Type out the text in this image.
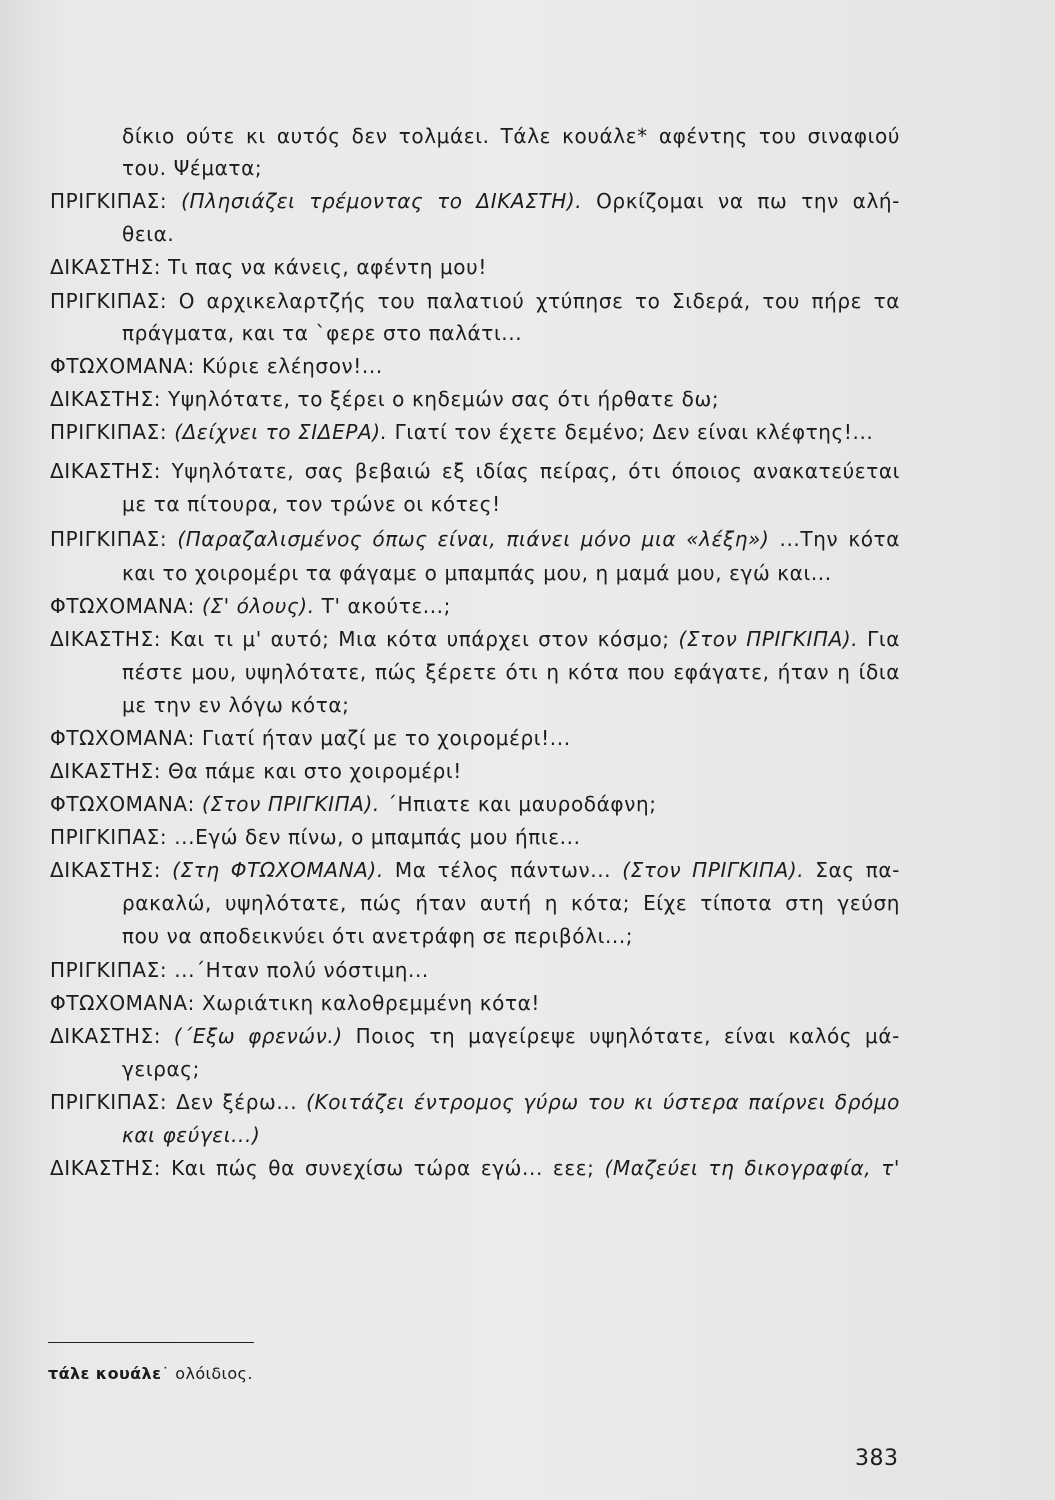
δίκιο ούτε κι αυτός δεν τολμάει. Τάλε κουάλε* αφέντης του σιναφιού
του. Ψέματα;
ΠΡΙΓΚΙΠΑΣ: (Πλησιάζει τρέμοντας το ΔΙΚΑΣΤΗ). Ορκίζομαι να πω την αλή-
θεια.
ΔΙΚΑΣΤΗΣ: Τι πας να κάνεις, αφέντη μου!
ΠΡΙΓΚΙΠΑΣ: Ο αρχικελαρτζής του παλατιού χτύπησε το Σιδερά, του πήρε τα
πράγματα, και τα `φερε στο παλάτι...
ΦΤΩΧΟΜΑΝΑ: Κύριε ελέησον!...
ΔΙΚΑΣΤΗΣ: Υψηλότατε, το ξέρει ο κηδεμών σας ότι ήρθατε δω;
ΠΡΙΓΚΙΠΑΣ: (Δείχνει το ΣΙΔΕΡΑ). Γιατί τον έχετε δεμένο; Δεν είναι κλέφτης!...
ΔΙΚΑΣΤΗΣ: Υψηλότατε, σας βεβαιώ εξ ιδίας πείρας, ότι όποιος ανακατεύεται
με τα πίτουρα, τον τρώνε οι κότες!
ΠΡΙΓΚΙΠΑΣ: (Παραζαλισμένος όπως είναι, πιάνει μόνο μια «λέξη») ...Την κότα
και το χοιρομέρι τα φάγαμε ο μπαμπάς μου, η μαμά μου, εγώ και...
ΦΤΩΧΟΜΑΝΑ: (Σ' όλους). Τ' ακούτε...;
ΔΙΚΑΣΤΗΣ: Και τι μ' αυτό; Μια κότα υπάρχει στον κόσμο; (Στον ΠΡΙΓΚΙΠΑ). Για
πέστε μου, υψηλότατε, πώς ξέρετε ότι η κότα που εφάγατε, ήταν η ίδια
με την εν λόγω κότα;
ΦΤΩΧΟΜΑΝΑ: Γιατί ήταν μαζί με το χοιρομέρι!...
ΔΙΚΑΣΤΗΣ: Θα πάμε και στο χοιρομέρι!
ΦΤΩΧΟΜΑΝΑ: (Στον ΠΡΙΓΚΙΠΑ). ΄Ηπιατε και μαυροδάφνη;
ΠΡΙΓΚΙΠΑΣ: ...Εγώ δεν πίνω, ο μπαμπάς μου ήπιε...
ΔΙΚΑΣΤΗΣ: (Στη ΦΤΩΧΟΜΑΝΑ). Μα τέλος πάντων... (Στον ΠΡΙΓΚΙΠΑ). Σας πα-
ρακαλώ, υψηλότατε, πώς ήταν αυτή η κότα; Είχε τίποτα στη γεύση
που να αποδεικνύει ότι ανετράφη σε περιβόλι...;
ΠΡΙΓΚΙΠΑΣ: ...΄Ηταν πολύ νόστιμη...
ΦΤΩΧΟΜΑΝΑ: Χωριάτικη καλοθρεμμένη κότα!
ΔΙΚΑΣΤΗΣ: (΄Εξω φρενών.) Ποιος τη μαγείρεψε υψηλότατε, είναι καλός μά-
γειρας;
ΠΡΙΓΚΙΠΑΣ: Δεν ξέρω... (Κοιτάζει έντρομος γύρω του κι ύστερα παίρνει δρόμο
και φεύγει...)
ΔΙΚΑΣΤΗΣ: Και πώς θα συνεχίσω τώρα εγώ... εεε; (Μαζεύει τη δικογραφία, τ'
τάλε κουάλε˙ ολόιδιος.
383
